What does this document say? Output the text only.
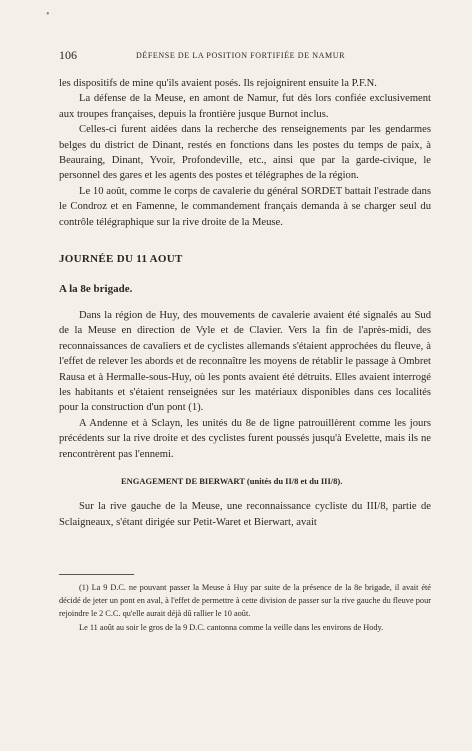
•
106	DÉFENSE DE LA POSITION FORTIFIÉE DE NAMUR

les dispositifs de mine qu'ils avaient posés. Ils rejoignirent ensuite la P.F.N.

La défense de la Meuse, en amont de Namur, fut dès lors confiée exclusivement aux troupes françaises, depuis la frontière jusque Burnot inclus.

Celles-ci furent aidées dans la recherche des renseignements par les gendarmes belges du district de Dinant, restés en fonctions dans les postes du temps de paix, à Beauraing, Dinant, Yvoir, Profondeville, etc., ainsi que par la garde-civique, le personnel des gares et les agents des postes et télégraphes de la région.

Le 10 août, comme le corps de cavalerie du général SORDET battait l'estrade dans le Condroz et en Famenne, le commandement français demanda à se charger seul du contrôle télégraphique sur la rive droite de la Meuse.

JOURNÉE DU 11 AOUT

A la 8e brigade.

Dans la région de Huy, des mouvements de cavalerie avaient été signalés au Sud de la Meuse en direction de Vyle et de Clavier. Vers la fin de l'après-midi, des reconnaissances de cavaliers et de cyclistes allemands s'étaient approchées du fleuve, à l'effet de relever les abords et de reconnaître les moyens de rétablir le passage à Ombret Rausa et à Hermalle-sous-Huy, où les ponts avaient été détruits. Elles avaient interrogé les habitants et s'étaient renseignées sur les matériaux disponibles dans ces localités pour la construction d'un pont (1).

A Andenne et à Sclayn, les unités du 8e de ligne patrouillèrent comme les jours précédents sur la rive droite et des cyclistes furent poussés jusqu'à Evelette, mais ils ne rencontrèrent pas l'ennemi.

ENGAGEMENT DE BIERWART (unités du II/8 et du III/8).

Sur la rive gauche de la Meuse, une reconnaissance cycliste du III/8, partie de Sclaigneaux, s'étant dirigée sur Petit-Waret et Bierwart, avait

(1) La 9 D.C. ne pouvant passer la Meuse à Huy par suite de la présence de la 8e brigade, il avait été décidé de jeter un pont en aval, à l'effet de permettre à cette division de passer sur la rive gauche du fleuve pour rejoindre le 2 C.C. qu'elle aurait déjà dû rallier le 10 août.

Le 11 août au soir le gros de la 9 D.C. cantonna comme la veille dans les environs de Hody.
